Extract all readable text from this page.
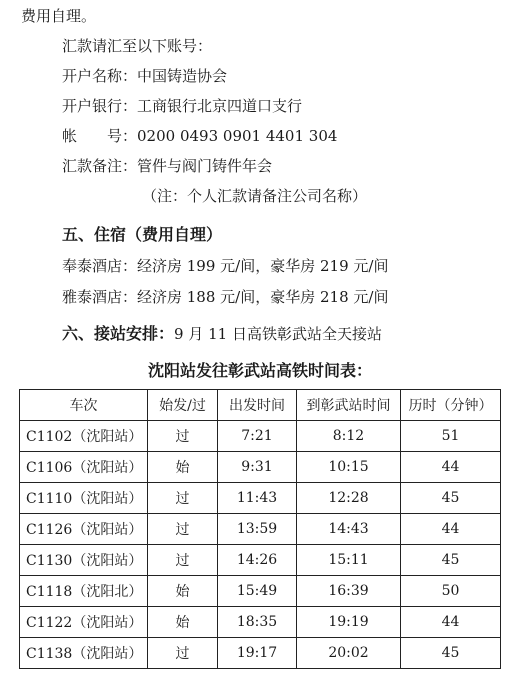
费用自理。
汇款请汇至以下账号：
开户名称：中国铸造协会
开户银行：工商银行北京四道口支行
帐　　号：0200 0493 0901 4401 304
汇款备注：管件与阀门铸件年会
（注：个人汇款请备注公司名称）
五、住宿（费用自理）
奉泰酒店：经济房 199 元/间，豪华房 219 元/间
雅泰酒店：经济房 188 元/间，豪华房 218 元/间
六、接站安排：9 月 11 日高铁彰武站全天接站
沈阳站发往彰武站高铁时间表：
车次	始发/过	出发时间	到彰武站时间	历时（分钟）
C1102（沈阳站）	过	7:21	8:12	51
C1106（沈阳站）	始	9:31	10:15	44
C1110（沈阳站）	过	11:43	12:28	45
C1126（沈阳站）	过	13:59	14:43	44
C1130（沈阳站）	过	14:26	15:11	45
C1118（沈阳北）	始	15:49	16:39	50
C1122（沈阳站）	始	18:35	19:19	44
C1138（沈阳站）	过	19:17	20:02	45
